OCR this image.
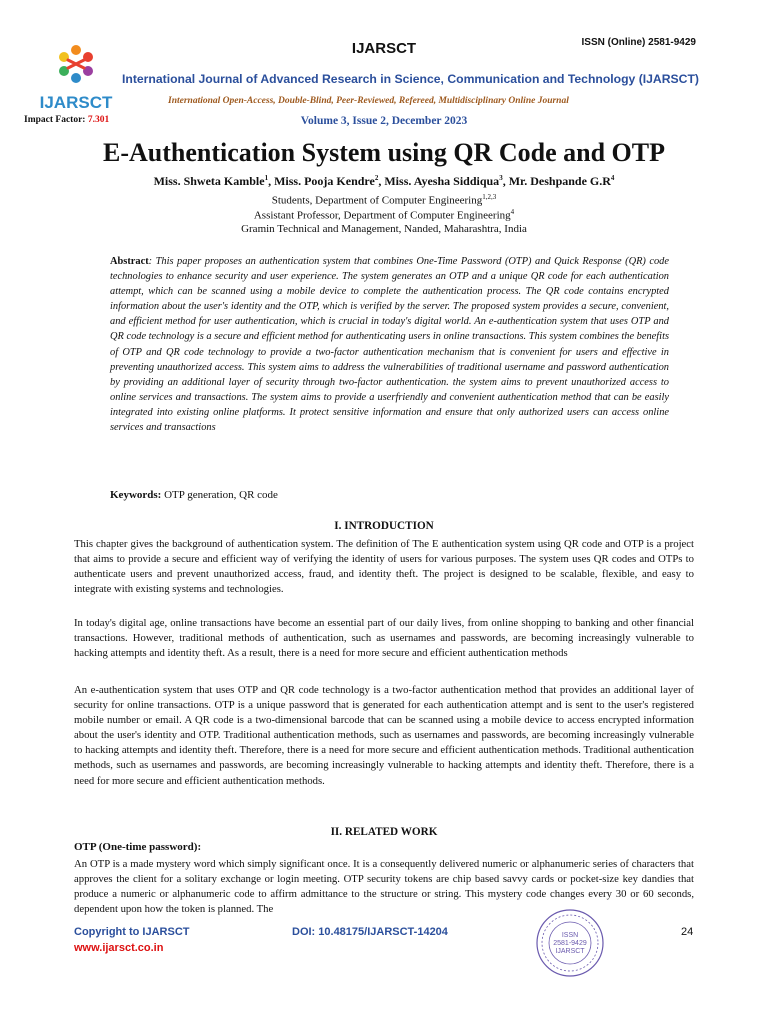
IJARSCT
IJARSCT	ISSN (Online) 2581-9429
International Journal of Advanced Research in Science, Communication and Technology (IJARSCT)
International Open-Access, Double-Blind, Peer-Reviewed, Refereed, Multidisciplinary Online Journal
Impact Factor: 7.301	Volume 3, Issue 2, December 2023
E-Authentication System using QR Code and OTP
Miss. Shweta Kamble$^1$, Miss. Pooja Kendre$^2$, Miss. Ayesha Siddiqua$^3$, Mr. Deshpande $G.R^4$
Students, Department of Computer Engineering$^{1,2,3}$
Assistant Professor, Department of Computer Engineering$^4$
Gramin Technical and Management, Nanded, Maharashtra, India
Abstract: This paper proposes an authentication system that combines One-Time Password (OTP) and Quick Response (QR) code technologies to enhance security and user experience. The system generates an OTP and a unique QR code for each authentication attempt, which can be scanned using a mobile device to complete the authentication process. The QR code contains encrypted information about the user's identity and the OTP, which is verified by the server. The proposed system provides a secure, convenient, and efficient method for user authentication, which is crucial in today's digital world. An e-authentication system that uses OTP and QR code technology is a secure and efficient method for authenticating users in online transactions. This system combines the benefits of OTP and QR code technology to provide a two-factor authentication mechanism that is convenient for users and effective in preventing unauthorized access. This system aims to address the vulnerabilities of traditional username and password authentication by providing an additional layer of security through two-factor authentication. the system aims to prevent unauthorized access to online services and transactions. The system aims to provide a userfriendly and convenient authentication method that can be easily integrated into existing online platforms. It protect sensitive information and ensure that only authorized users can access online services and transactions
Keywords: OTP generation, QR code
I. INTRODUCTION
This chapter gives the background of authentication system. The definition of The E authentication system using QR code and OTP is a project that aims to provide a secure and efficient way of verifying the identity of users for various purposes. The system uses QR codes and OTPs to authenticate users and prevent unauthorized access, fraud, and identity theft. The project is designed to be scalable, flexible, and easy to integrate with existing systems and technologies.
In today's digital age, online transactions have become an essential part of our daily lives, from online shopping to banking and other financial transactions. However, traditional methods of authentication, such as usernames and passwords, are becoming increasingly vulnerable to hacking attempts and identity theft. As a result, there is a need for more secure and efficient authentication methods
An e-authentication system that uses OTP and QR code technology is a two-factor authentication method that provides an additional layer of security for online transactions. OTP is a unique password that is generated for each authentication attempt and is sent to the user's registered mobile number or email. A QR code is a two-dimensional barcode that can be scanned using a mobile device to access encrypted information about the user's identity and OTP. Traditional authentication methods, such as usernames and passwords, are becoming increasingly vulnerable to hacking attempts and identity theft. Therefore, there is a need for more secure and efficient authentication methods. Traditional authentication methods, such as usernames and passwords, are becoming increasingly vulnerable to hacking attempts and identity theft. Therefore, there is a need for more secure and efficient authentication methods.
II. RELATED WORK
OTP (One-time password):
An OTP is a made mystery word which simply significant once. It is a consequently delivered numeric or alphanumeric series of characters that approves the client for a solitary exchange or login meeting. OTP security tokens are chip based savvy cards or pocket-size key dandies that produce a numeric or alphanumeric code to affirm admittance to the structure or string. This mystery code changes every 30 or 60 seconds, dependent upon how the token is planned. The
Copyright to IJARSCT
www.ijarsct.co.in
DOI: 10.48175/IJARSCT-14204	24
ISSN
2581-9429
IJARSCT
